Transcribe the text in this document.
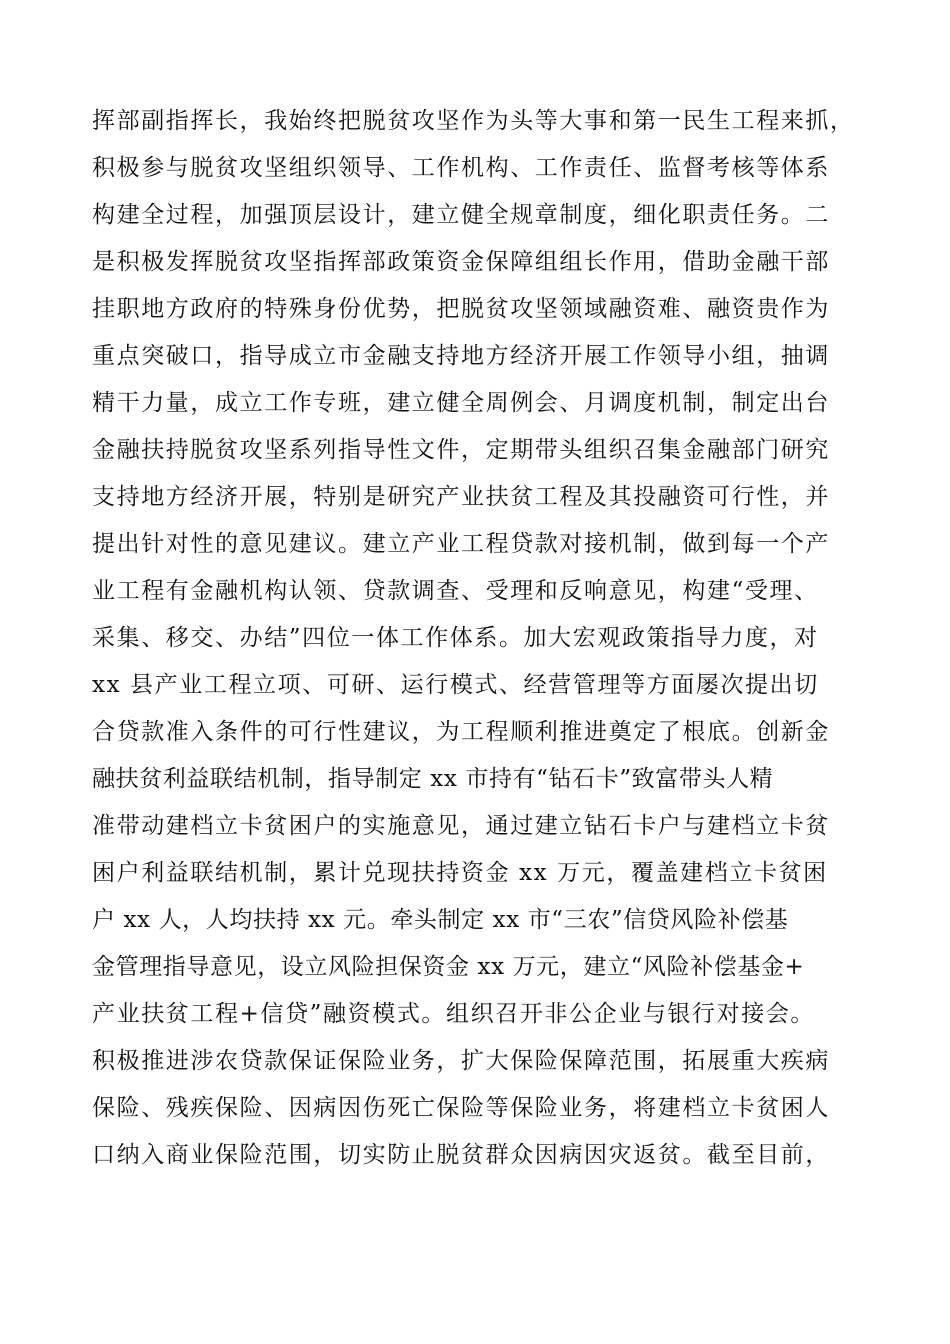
挥部副指挥长，我始终把脱贫攻坚作为头等大事和第一民生工程来抓，
积极参与脱贫攻坚组织领导、工作机构、工作责任、监督考核等体系
构建全过程，加强顶层设计，建立健全规章制度，细化职责任务。二
是积极发挥脱贫攻坚指挥部政策资金保障组组长作用，借助金融干部
挂职地方政府的特殊身份优势，把脱贫攻坚领域融资难、融资贵作为
重点突破口，指导成立市金融支持地方经济开展工作领导小组，抽调
精干力量，成立工作专班，建立健全周例会、月调度机制，制定出台
金融扶持脱贫攻坚系列指导性文件，定期带头组织召集金融部门研究
支持地方经济开展，特别是研究产业扶贫工程及其投融资可行性，并
提出针对性的意见建议。建立产业工程贷款对接机制，做到每一个产
业工程有金融机构认领、贷款调查、受理和反响意见，构建“受理、
采集、移交、办结”四位一体工作体系。加大宏观政策指导力度，对
xx 县产业工程立项、可研、运行模式、经营管理等方面屡次提出切
合贷款准入条件的可行性建议，为工程顺利推进奠定了根底。创新金
融扶贫利益联结机制，指导制定 xx 市持有“钻石卡”致富带头人精
准带动建档立卡贫困户的实施意见，通过建立钻石卡户与建档立卡贫
困户利益联结机制，累计兑现扶持资金 xx 万元，覆盖建档立卡贫困
户 xx 人，人均扶持 xx 元。牵头制定 xx 市“三农”信贷风险补偿基
金管理指导意见，设立风险担保资金 xx 万元，建立“风险补偿基金+
产业扶贫工程+信贷”融资模式。组织召开非公企业与银行对接会。
积极推进涉农贷款保证保险业务，扩大保险保障范围，拓展重大疾病
保险、残疾保险、因病因伤死亡保险等保险业务，将建档立卡贫困人
口纳入商业保险范围，切实防止脱贫群众因病因灾返贫。截至目前，
